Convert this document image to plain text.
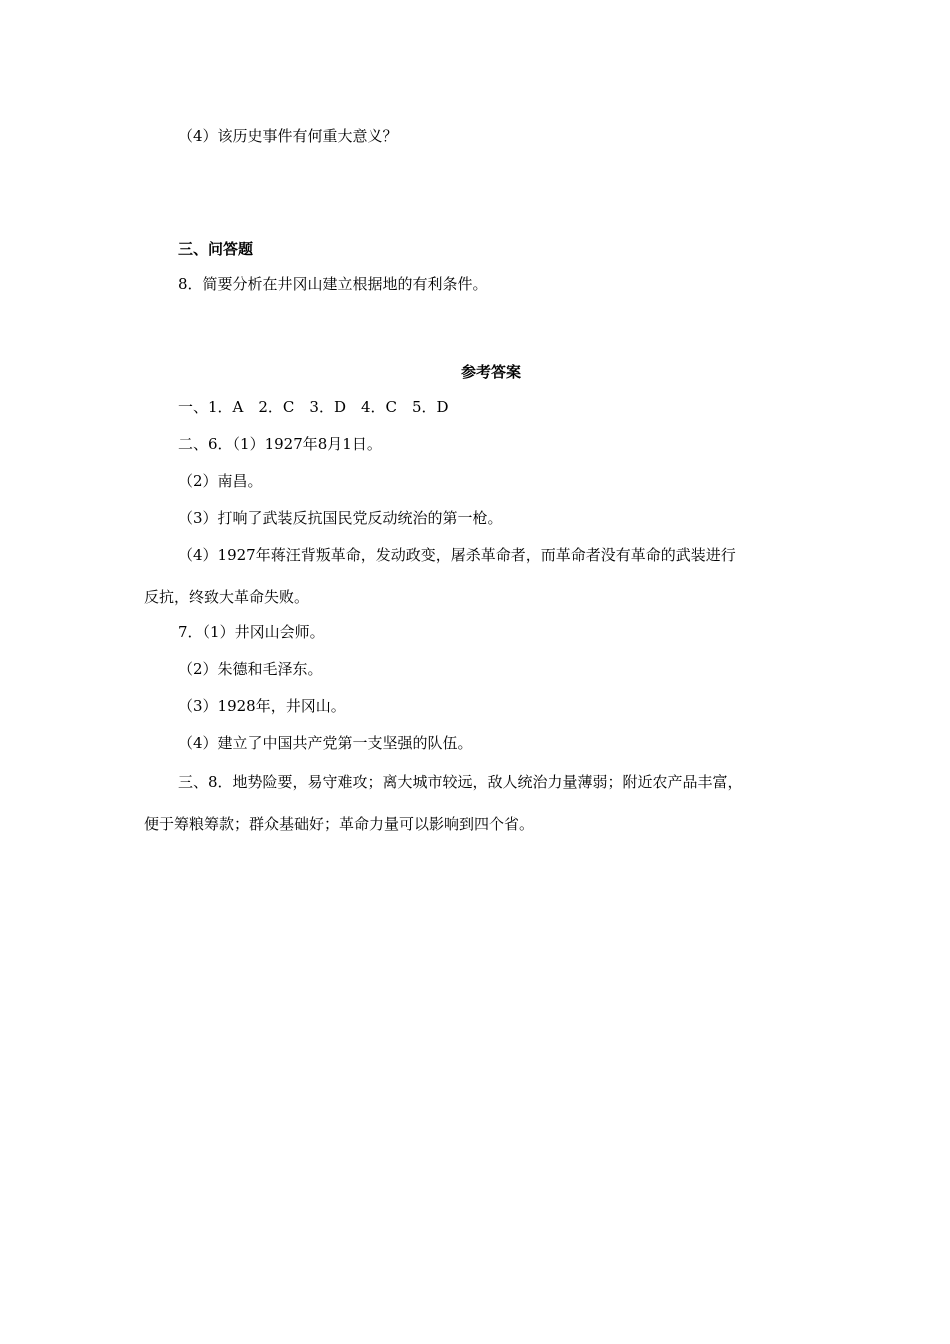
（4）该历史事件有何重大意义？
三、问答题
8．简要分析在井冈山建立根据地的有利条件。
参考答案
一、1．A　2．C　3．D　4．C　5．D
二、6．（1）1927年8月1日。
（2）南昌。
（3）打响了武装反抗国民党反动统治的第一枪。
（4）1927年蒋汪背叛革命，发动政变，屠杀革命者，而革命者没有革命的武装进行
反抗，终致大革命失败。
7．（1）井冈山会师。
（2）朱德和毛泽东。
（3）1928年，井冈山。
（4）建立了中国共产党第一支坚强的队伍。
三、8．地势险要，易守难攻；离大城市较远，敌人统治力量薄弱；附近农产品丰富，
便于筹粮筹款；群众基础好；革命力量可以影响到四个省。
